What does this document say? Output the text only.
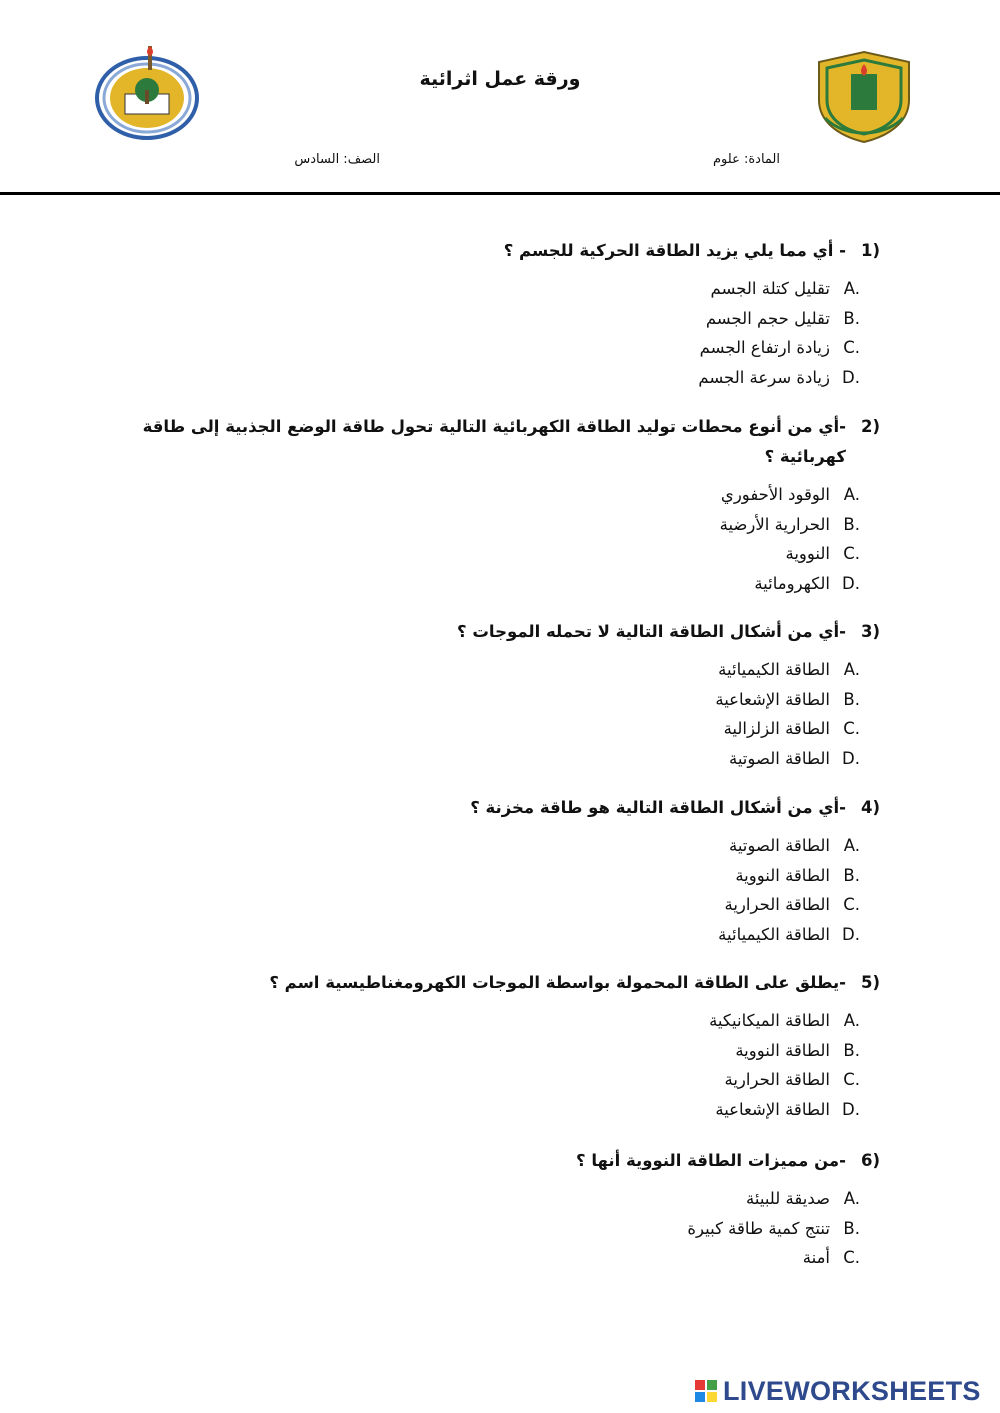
ورقة عمل اثرائية
المادة: علوم
الصف: السادس
1)
- أي مما يلي يزيد الطاقة الحركية للجسم ؟
A.
تقليل كتلة الجسم
B.
تقليل حجم الجسم
C.
زيادة ارتفاع الجسم
D.
زيادة سرعة الجسم
2)
-أي من أنوع محطات توليد الطاقة الكهربائية التالية تحول طاقة الوضع الجذبية إلى طاقة كهربائية ؟
A.
الوقود الأحفوري
B.
الحرارية الأرضية
C.
النووية
D.
الكهرومائية
3)
-أي من أشكال الطاقة التالية لا تحمله الموجات ؟
A.
الطاقة الكيميائية
B.
الطاقة الإشعاعية
C.
الطاقة الزلزالية
D.
الطاقة الصوتية
4)
-أي من أشكال الطاقة التالية هو طاقة مخزنة ؟
A.
الطاقة الصوتية
B.
الطاقة النووية
C.
الطاقة الحرارية
D.
الطاقة الكيميائية
5)
-يطلق على الطاقة المحمولة بواسطة الموجات الكهرومغناطيسية اسم ؟
A.
الطاقة الميكانيكية
B.
الطاقة النووية
C.
الطاقة الحرارية
D.
الطاقة الإشعاعية
6)
-من مميزات الطاقة النووية أنها ؟
A.
صديقة للبيئة
B.
تنتج كمية طاقة كبيرة
C.
أمنة
LIVEWORKSHEETS
